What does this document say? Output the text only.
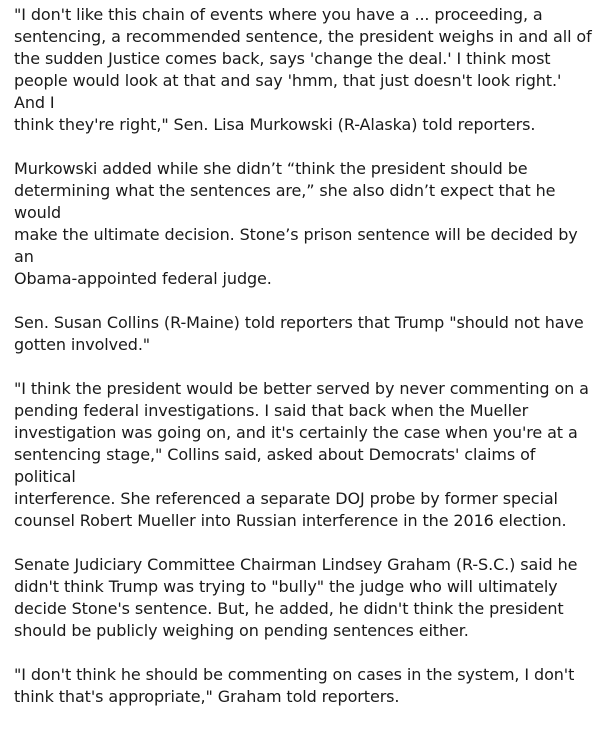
"I don't like this chain of events where you have a ... proceeding, a
sentencing, a recommended sentence, the president weighs in and all of
the sudden Justice comes back, says 'change the deal.' I think most
people would look at that and say 'hmm, that just doesn't look right.' And I
think they're right," Sen. Lisa Murkowski (R-Alaska) told reporters.

Murkowski added while she didn’t “think the president should be
determining what the sentences are,” she also didn’t expect that he would
make the ultimate decision. Stone’s prison sentence will be decided by an
Obama-appointed federal judge.

Sen. Susan Collins (R-Maine) told reporters that Trump "should not have
gotten involved."

"I think the president would be better served by never commenting on a
pending federal investigations. I said that back when the Mueller
investigation was going on, and it's certainly the case when you're at a
sentencing stage," Collins said, asked about Democrats' claims of political
interference. She referenced a separate DOJ probe by former special
counsel Robert Mueller into Russian interference in the 2016 election.

Senate Judiciary Committee Chairman Lindsey Graham (R-S.C.) said he
didn't think Trump was trying to "bully" the judge who will ultimately
decide Stone's sentence. But, he added, he didn't think the president
should be publicly weighing on pending sentences either.

"I don't think he should be commenting on cases in the system, I don't
think that's appropriate," Graham told reporters.
